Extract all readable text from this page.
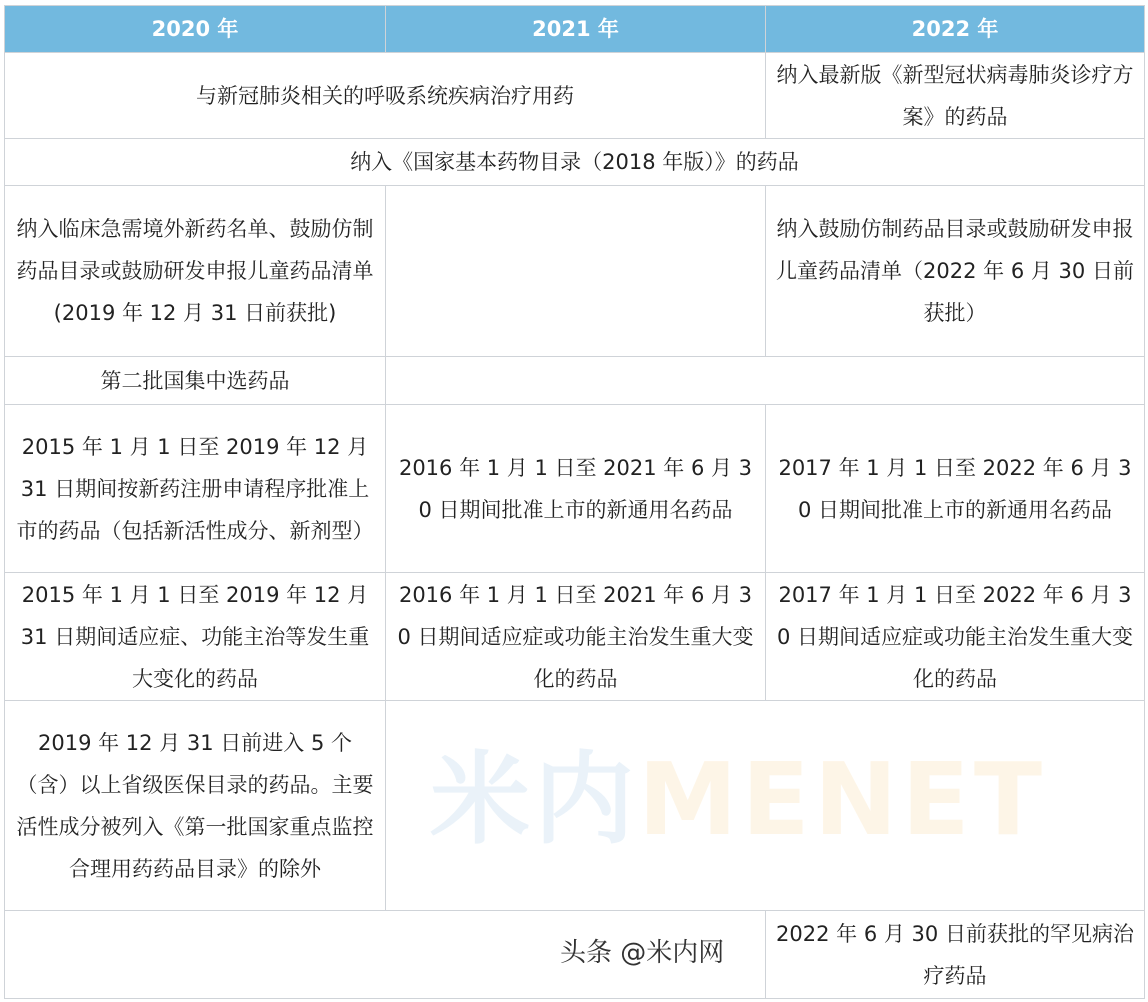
2020 年	2021 年	2022 年
与新冠肺炎相关的呼吸系统疾病治疗用药		纳入最新版《新型冠状病毒肺炎诊疗方案》的药品
纳入《国家基本药物目录（2018 年版）》的药品		
纳入临床急需境外新药名单、鼓励仿制药品目录或鼓励研发申报儿童药品清单 (2019 年 12 月 31 日前获批)		纳入鼓励仿制药品目录或鼓励研发申报儿童药品清单（2022 年 6 月 30 日前获批）
第二批国集中选药品		
2015 年 1 月 1 日至 2019 年 12 月 31 日期间按新药注册申请程序批准上市的药品（包括新活性成分、新剂型）	2016 年 1 月 1 日至 2021 年 6 月 30 日期间批准上市的新通用名药品	2017 年 1 月 1 日至 2022 年 6 月 30 日期间批准上市的新通用名药品
2015 年 1 月 1 日至 2019 年 12 月 31 日期间适应症、功能主治等发生重大变化的药品	2016 年 1 月 1 日至 2021 年 6 月 30 日期间适应症或功能主治发生重大变化的药品	2017 年 1 月 1 日至 2022 年 6 月 30 日期间适应症或功能主治发生重大变化的药品
2019 年 12 月 31 日前进入 5 个（含）以上省级医保目录的药品。主要活性成分被列入《第一批国家重点监控合理用药药品目录》的除外		
		2022 年 6 月 30 日前获批的罕见病治疗药品
米内MENET
头条 @米内网
